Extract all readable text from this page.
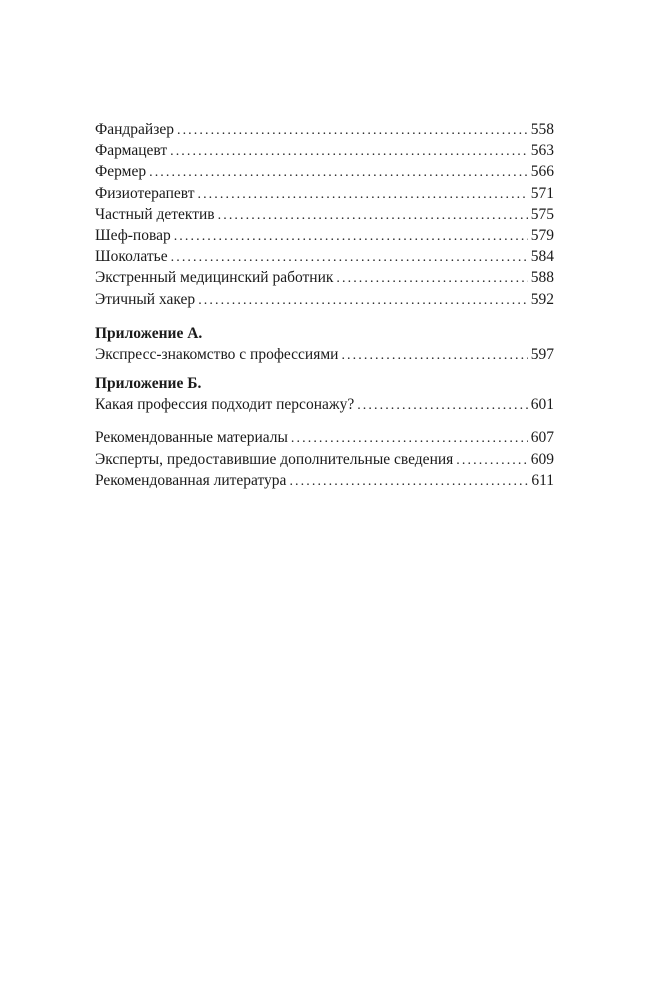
Фандрайзер . . .	558
Фармацевт . . .	563
Фермер . . .	566
Физиотерапевт . . .	571
Частный детектив . . .	575
Шеф-повар . . .	579
Шоколатье . . .	584
Экстренный медицинский работник . . .	588
Этичный хакер . . .	592
Приложение А.
Экспресс-знакомство с профессиями . . .	597
Приложение Б.
Какая профессия подходит персонажу? . . .	601
Рекомендованные материалы . . .	607
Эксперты, предоставившие дополнительные сведения . . .	609
Рекомендованная литература . . .	611
